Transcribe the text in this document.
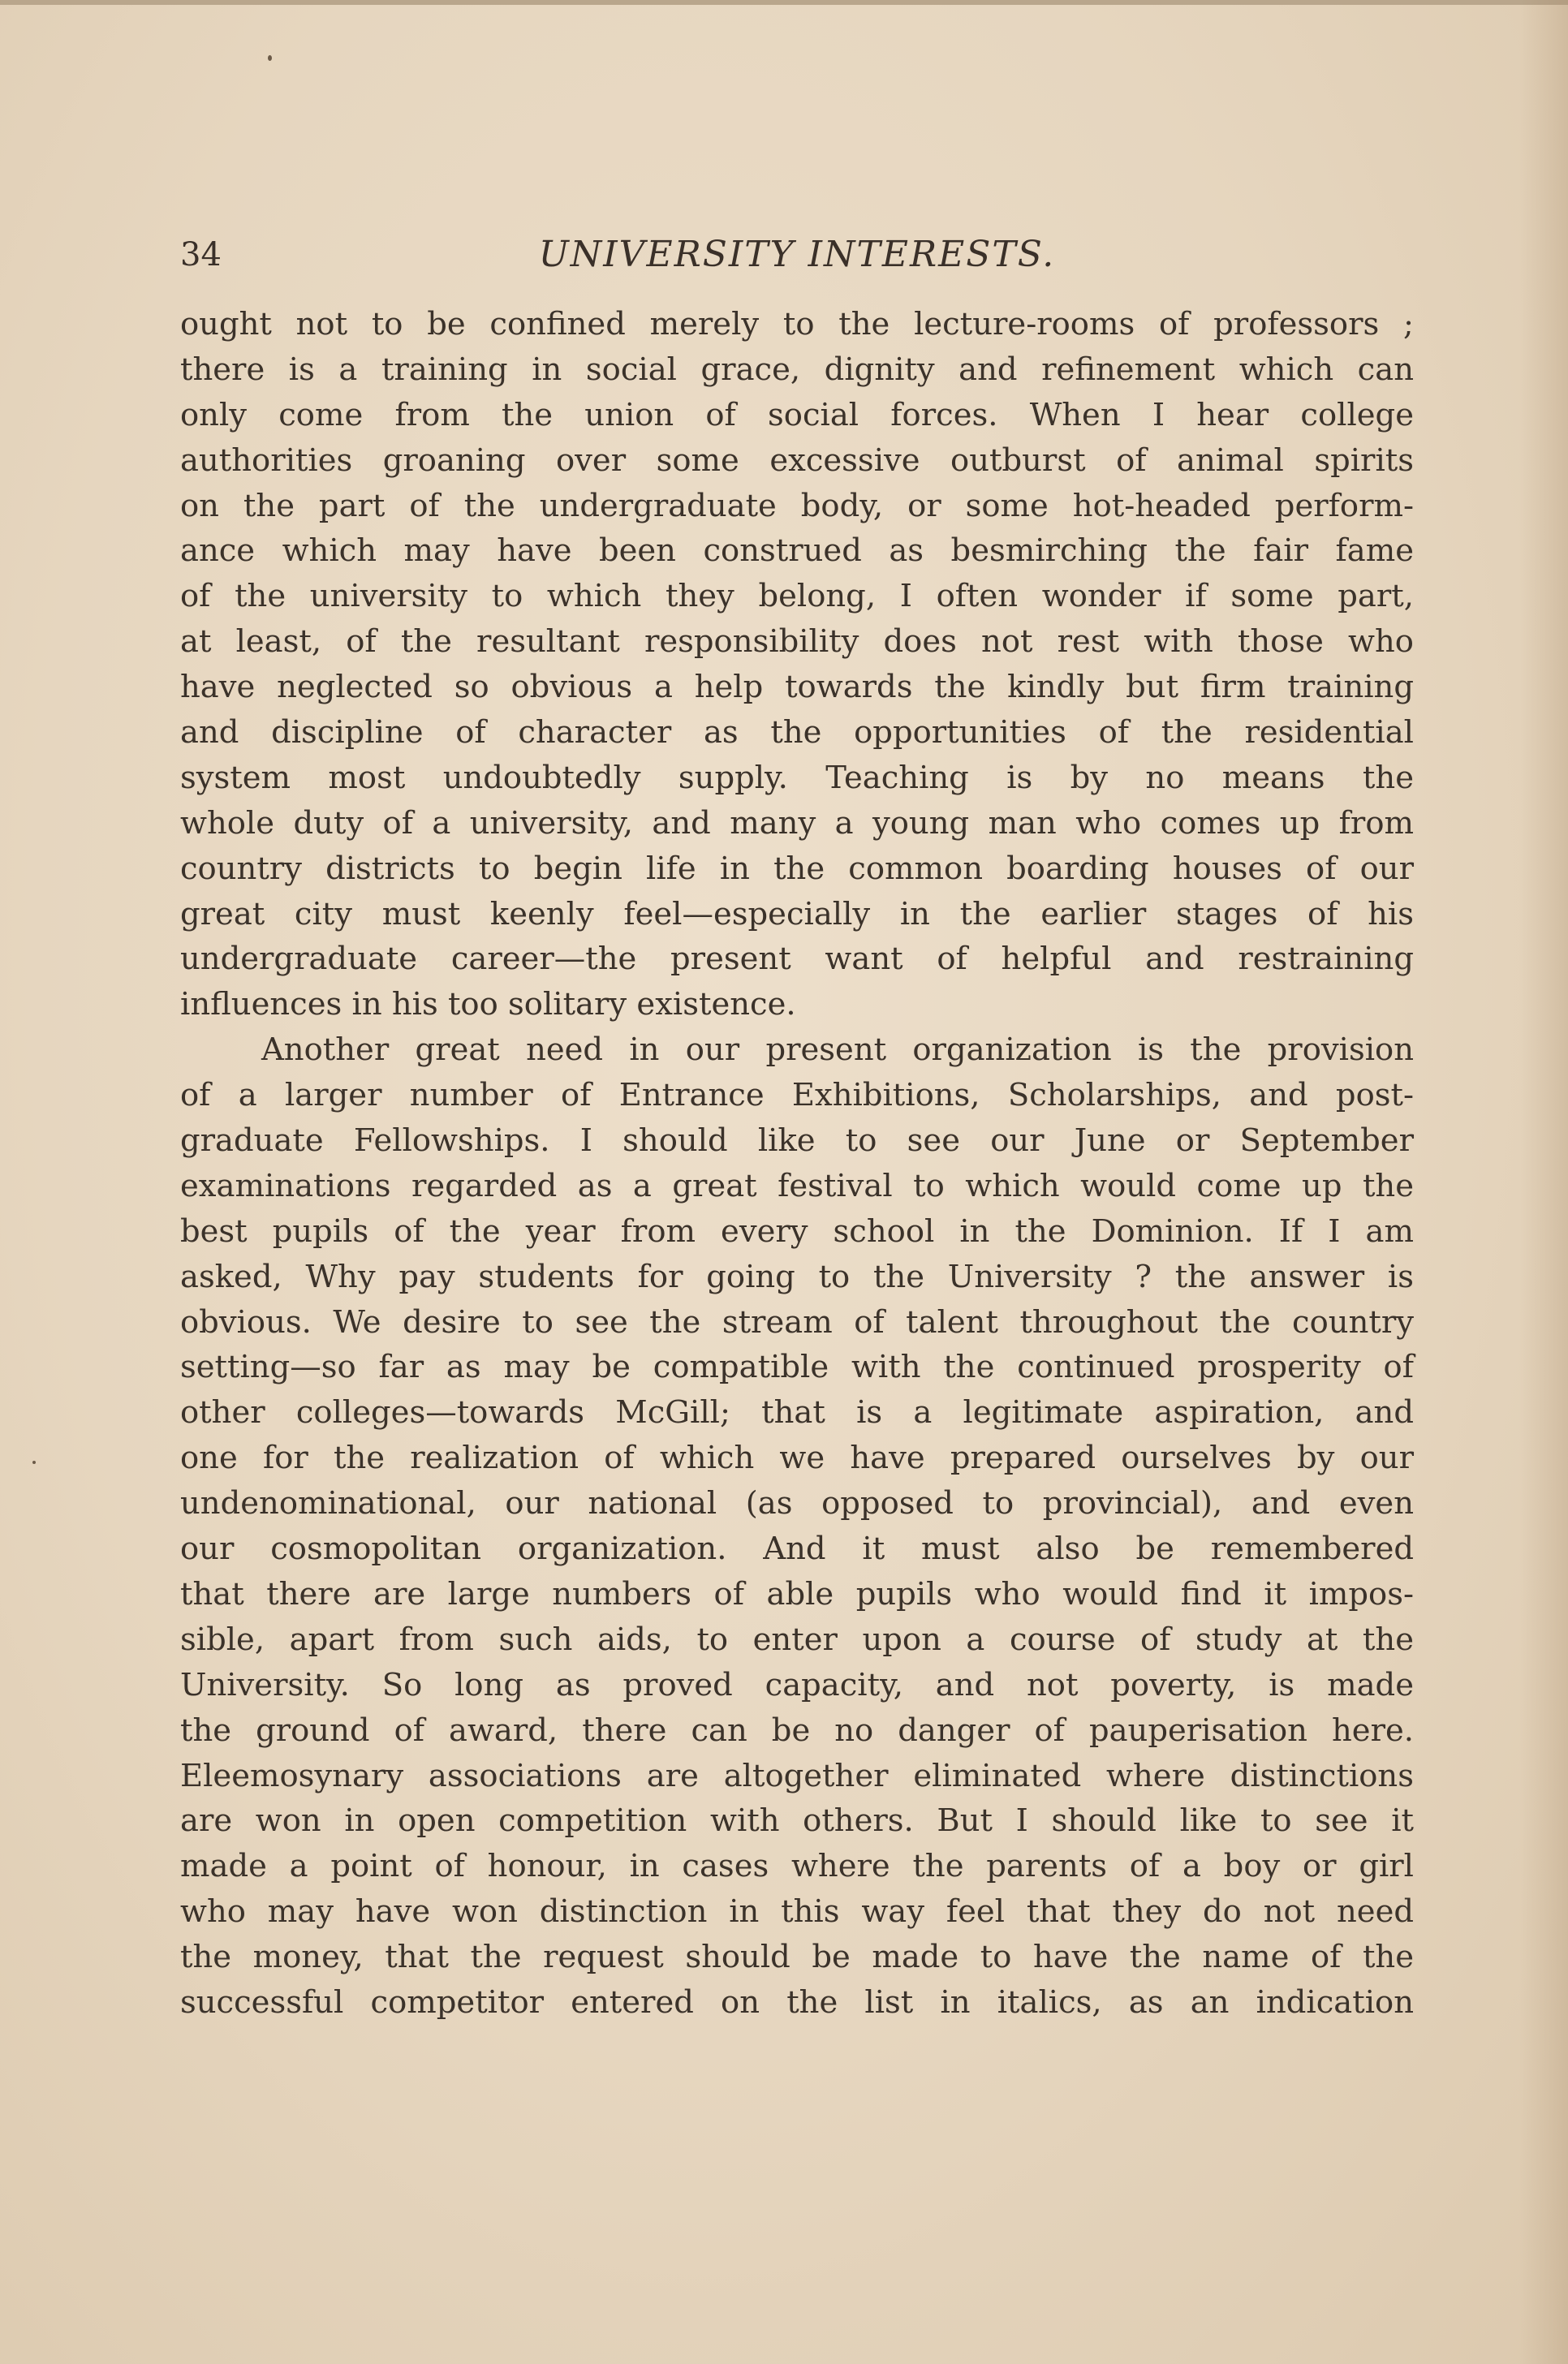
34	UNIVERSITY INTERESTS.
ought not to be confined merely to the lecture-rooms of professors ;
there is a training in social grace, dignity and refinement which can
only come from the union of social forces. When I hear college
authorities groaning over some excessive outburst of animal spirits
on the part of the undergraduate body, or some hot-headed perform-
ance which may have been construed as besmirching the fair fame
of the university to which they belong, I often wonder if some part,
at least, of the resultant responsibility does not rest with those who
have neglected so obvious a help towards the kindly but firm training
and discipline of character as the opportunities of the residential
system most undoubtedly supply. Teaching is by no means the
whole duty of a university, and many a young man who comes up from
country districts to begin life in the common boarding houses of our
great city must keenly feel—especially in the earlier stages of his
undergraduate career—the present want of helpful and restraining
influences in his too solitary existence.
Another great need in our present organization is the provision
of a larger number of Entrance Exhibitions, Scholarships, and post-
graduate Fellowships. I should like to see our June or September
examinations regarded as a great festival to which would come up the
best pupils of the year from every school in the Dominion. If I am
asked, Why pay students for going to the University ? the answer is
obvious. We desire to see the stream of talent throughout the country
setting—so far as may be compatible with the continued prosperity of
other colleges—towards McGill; that is a legitimate aspiration, and
one for the realization of which we have prepared ourselves by our
undenominational, our national (as opposed to provincial), and even
our cosmopolitan organization. And it must also be remembered
that there are large numbers of able pupils who would find it impos-
sible, apart from such aids, to enter upon a course of study at the
University. So long as proved capacity, and not poverty, is made
the ground of award, there can be no danger of pauperisation here.
Eleemosynary associations are altogether eliminated where distinctions
are won in open competition with others. But I should like to see it
made a point of honour, in cases where the parents of a boy or girl
who may have won distinction in this way feel that they do not need
the money, that the request should be made to have the name of the
successful competitor entered on the list in italics, as an indication
